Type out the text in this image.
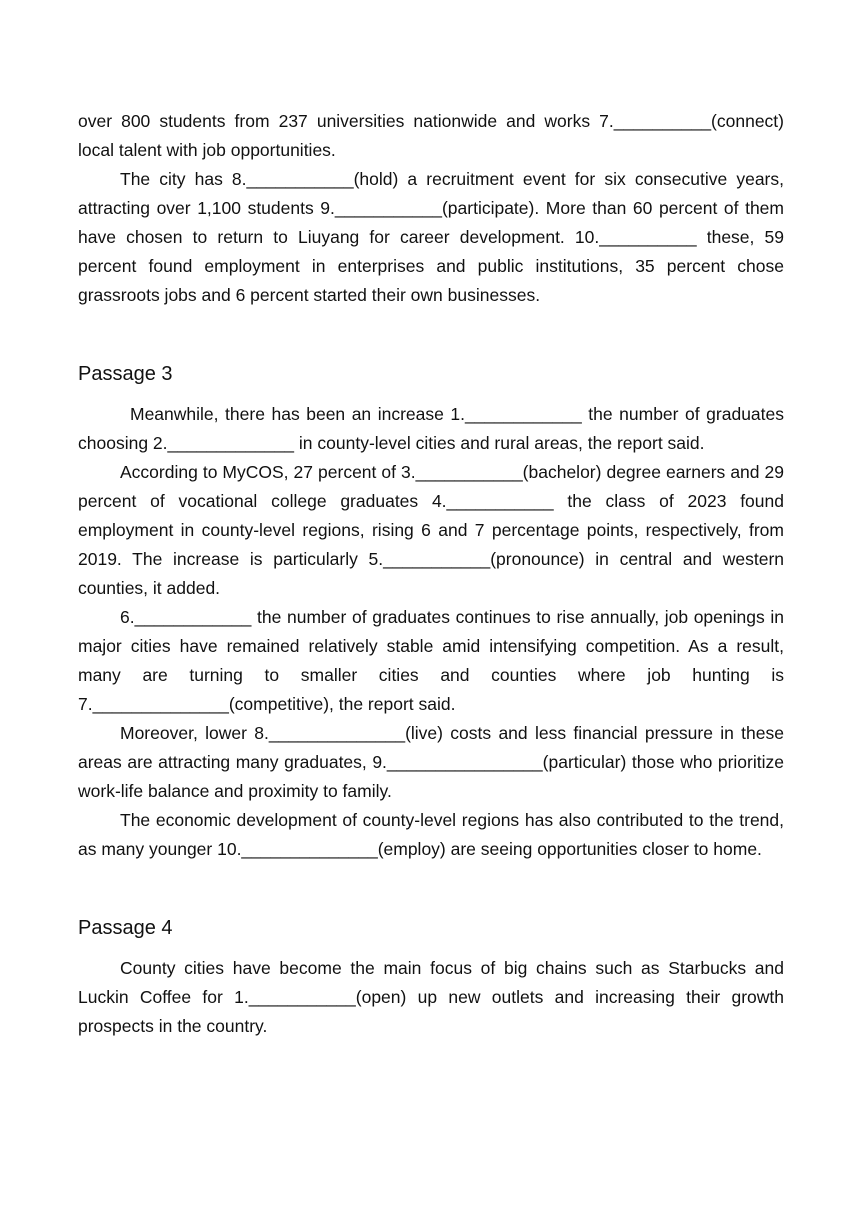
over 800 students from 237 universities nationwide and works 7.__________(connect) local talent with job opportunities.

The city has 8.___________(hold) a recruitment event for six consecutive years, attracting over 1,100 students 9.___________(participate). More than 60 percent of them have chosen to return to Liuyang for career development. 10.__________ these, 59 percent found employment in enterprises and public institutions, 35 percent chose grassroots jobs and 6 percent started their own businesses.

Passage 3

Meanwhile, there has been an increase 1.____________ the number of graduates choosing 2._____________ in county-level cities and rural areas, the report said.

According to MyCOS, 27 percent of 3.___________(bachelor) degree earners and 29 percent of vocational college graduates 4.___________ the class of 2023 found employment in county-level regions, rising 6 and 7 percentage points, respectively, from 2019. The increase is particularly 5.___________(pronounce) in central and western counties, it added.

6.____________ the number of graduates continues to rise annually, job openings in major cities have remained relatively stable amid intensifying competition. As a result, many are turning to smaller cities and counties where job hunting is 7.______________(competitive), the report said.

Moreover, lower 8.______________(live) costs and less financial pressure in these areas are attracting many graduates, 9.________________(particular) those who prioritize work-life balance and proximity to family.

The economic development of county-level regions has also contributed to the trend, as many younger 10.______________(employ) are seeing opportunities closer to home.

Passage 4

County cities have become the main focus of big chains such as Starbucks and Luckin Coffee for 1.___________(open) up new outlets and increasing their growth prospects in the country.
